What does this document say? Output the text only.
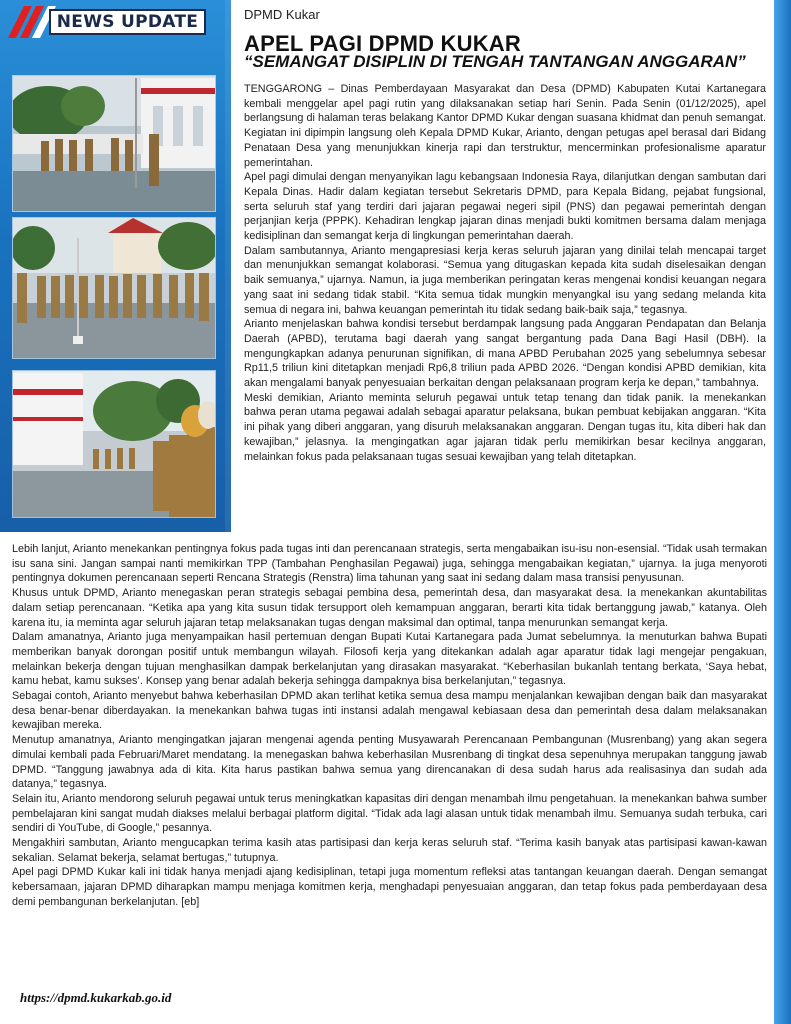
NEWS UPDATE	DPMD Kukar
APEL PAGI DPMD KUKAR
“SEMANGAT DISIPLIN DI TENGAH TANTANGAN ANGGARAN”

TENGGARONG – Dinas Pemberdayaan Masyarakat dan Desa (DPMD) Kabupaten Kutai Kartanegara kembali menggelar apel pagi rutin yang dilaksanakan setiap hari Senin. Pada Senin (01/12/2025), apel berlangsung di halaman teras belakang Kantor DPMD Kukar dengan suasana khidmat dan penuh semangat. Kegiatan ini dipimpin langsung oleh Kepala DPMD Kukar, Arianto, dengan petugas apel berasal dari Bidang Penataan Desa yang menunjukkan kinerja rapi dan terstruktur, mencerminkan profesionalisme aparatur pemerintahan.

Apel pagi dimulai dengan menyanyikan lagu kebangsaan Indonesia Raya, dilanjutkan dengan sambutan dari Kepala Dinas. Hadir dalam kegiatan tersebut Sekretaris DPMD, para Kepala Bidang, pejabat fungsional, serta seluruh staf yang terdiri dari jajaran pegawai negeri sipil (PNS) dan pegawai pemerintah dengan perjanjian kerja (PPPK). Kehadiran lengkap jajaran dinas menjadi bukti komitmen bersama dalam menjaga kedisiplinan dan semangat kerja di lingkungan pemerintahan daerah.

Dalam sambutannya, Arianto mengapresiasi kerja keras seluruh jajaran yang dinilai telah mencapai target dan menunjukkan semangat kolaborasi. “Semua yang ditugaskan kepada kita sudah diselesaikan dengan baik semuanya,” ujarnya. Namun, ia juga memberikan peringatan keras mengenai kondisi keuangan negara yang saat ini sedang tidak stabil. “Kita semua tidak mungkin menyangkal isu yang sedang melanda kita semua di negara ini, bahwa keuangan pemerintah itu tidak sedang baik-baik saja,” tegasnya.

Arianto menjelaskan bahwa kondisi tersebut berdampak langsung pada Anggaran Pendapatan dan Belanja Daerah (APBD), terutama bagi daerah yang sangat bergantung pada Dana Bagi Hasil (DBH). Ia mengungkapkan adanya penurunan signifikan, di mana APBD Perubahan 2025 yang sebelumnya sebesar Rp11,5 triliun kini ditetapkan menjadi Rp6,8 triliun pada APBD 2026. “Dengan kondisi APBD demikian, kita akan mengalami banyak penyesuaian berkaitan dengan pelaksanaan program kerja ke depan,” tambahnya.

Meski demikian, Arianto meminta seluruh pegawai untuk tetap tenang dan tidak panik. Ia menekankan bahwa peran utama pegawai adalah sebagai aparatur pelaksana, bukan pembuat kebijakan anggaran. “Kita ini pihak yang diberi anggaran, yang disuruh melaksanakan anggaran. Dengan tugas itu, kita diberi hak dan kewajiban,” jelasnya. Ia mengingatkan agar jajaran tidak perlu memikirkan besar kecilnya anggaran, melainkan fokus pada pelaksanaan tugas sesuai kewajiban yang telah ditetapkan.

Lebih lanjut, Arianto menekankan pentingnya fokus pada tugas inti dan perencanaan strategis, serta mengabaikan isu-isu non-esensial. “Tidak usah termakan isu sana sini. Jangan sampai nanti memikirkan TPP (Tambahan Penghasilan Pegawai) juga, sehingga mengabaikan kegiatan,” ujarnya. Ia juga menyoroti pentingnya dokumen perencanaan seperti Rencana Strategis (Renstra) lima tahunan yang saat ini sedang dalam masa transisi penyusunan.

Khusus untuk DPMD, Arianto menegaskan peran strategis sebagai pembina desa, pemerintah desa, dan masyarakat desa. Ia menekankan akuntabilitas dalam setiap perencanaan. “Ketika apa yang kita susun tidak tersupport oleh kemampuan anggaran, berarti kita tidak bertanggung jawab,” katanya. Oleh karena itu, ia meminta agar seluruh jajaran tetap melaksanakan tugas dengan maksimal dan optimal, tanpa menurunkan semangat kerja.

Dalam amanatnya, Arianto juga menyampaikan hasil pertemuan dengan Bupati Kutai Kartanegara pada Jumat sebelumnya. Ia menuturkan bahwa Bupati memberikan banyak dorongan positif untuk membangun wilayah. Filosofi kerja yang ditekankan adalah agar aparatur tidak lagi mengejar pengakuan, melainkan bekerja dengan tujuan menghasilkan dampak berkelanjutan yang dirasakan masyarakat. “Keberhasilan bukanlah tentang berkata, ‘Saya hebat, kamu hebat, kamu sukses’. Konsep yang benar adalah bekerja sehingga dampaknya bisa berkelanjutan,” tegasnya.

Sebagai contoh, Arianto menyebut bahwa keberhasilan DPMD akan terlihat ketika semua desa mampu menjalankan kewajiban dengan baik dan masyarakat desa benar-benar diberdayakan. Ia menekankan bahwa tugas inti instansi adalah mengawal kebiasaan desa dan pemerintah desa dalam melaksanakan kewajiban mereka.

Menutup amanatnya, Arianto mengingatkan jajaran mengenai agenda penting Musyawarah Perencanaan Pembangunan (Musrenbang) yang akan segera dimulai kembali pada Februari/Maret mendatang. Ia menegaskan bahwa keberhasilan Musrenbang di tingkat desa sepenuhnya merupakan tanggung jawab DPMD. “Tanggung jawabnya ada di kita. Kita harus pastikan bahwa semua yang direncanakan di desa sudah harus ada realisasinya dan sudah ada datanya,” tegasnya.

Selain itu, Arianto mendorong seluruh pegawai untuk terus meningkatkan kapasitas diri dengan menambah ilmu pengetahuan. Ia menekankan bahwa sumber pembelajaran kini sangat mudah diakses melalui berbagai platform digital. “Tidak ada lagi alasan untuk tidak menambah ilmu. Semuanya sudah terbuka, cari sendiri di YouTube, di Google,” pesannya.

Mengakhiri sambutan, Arianto mengucapkan terima kasih atas partisipasi dan kerja keras seluruh staf. “Terima kasih banyak atas partisipasi kawan-kawan sekalian. Selamat bekerja, selamat bertugas,” tutupnya.

Apel pagi DPMD Kukar kali ini tidak hanya menjadi ajang kedisiplinan, tetapi juga momentum refleksi atas tantangan keuangan daerah. Dengan semangat kebersamaan, jajaran DPMD diharapkan mampu menjaga komitmen kerja, menghadapi penyesuaian anggaran, dan tetap fokus pada pemberdayaan desa demi pembangunan berkelanjutan. [eb]

https://dpmd.kukarkab.go.id
